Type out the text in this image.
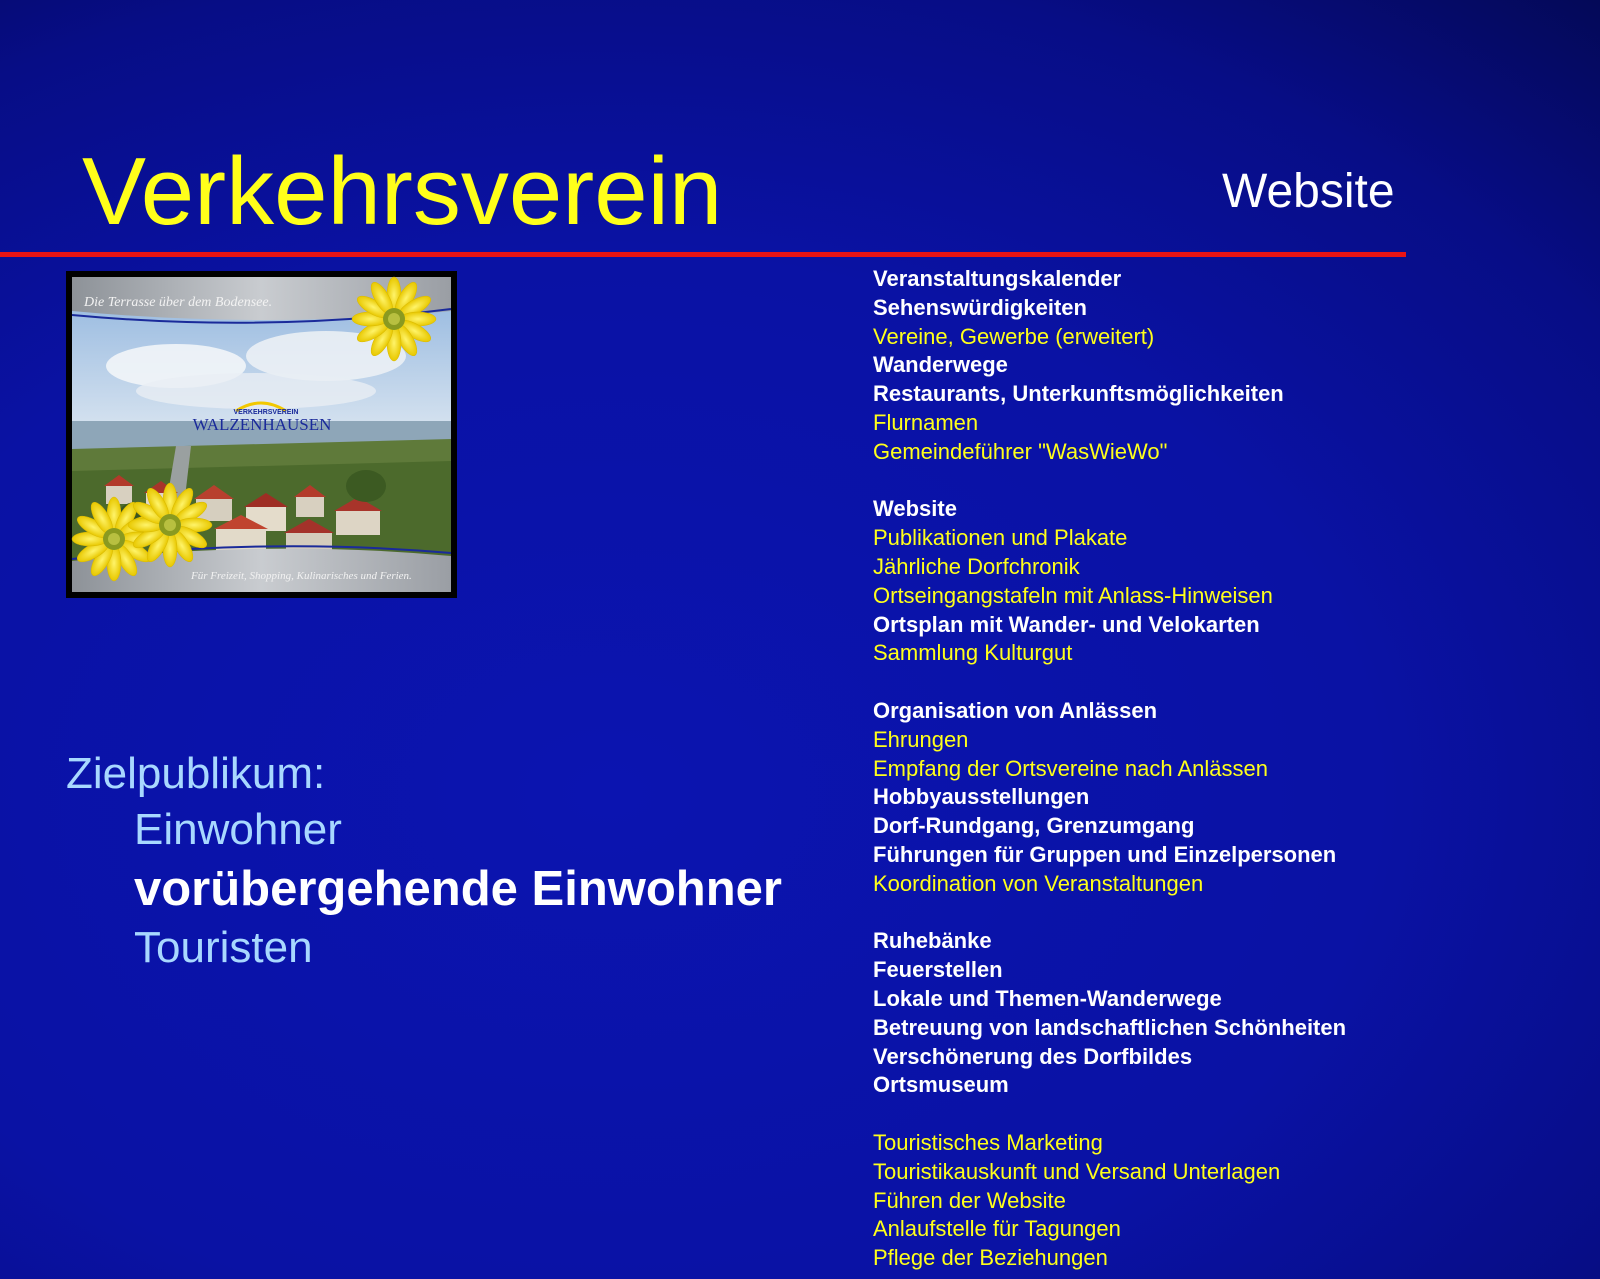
Verkehrsverein	Website
Die Terrasse über dem Bodensee.
Für Freizeit, Shopping, Kulinarisches und Ferien.
VERKEHRSVEREIN
WALZENHAUSEN
Zielpublikum:
Einwohner
vorübergehende Einwohner
Touristen
Veranstaltungskalender
Sehenswürdigkeiten
Vereine, Gewerbe (erweitert)
Wanderwege
Restaurants, Unterkunftsmöglichkeiten
Flurnamen
Gemeindeführer "WasWieWo"
Website
Publikationen und Plakate
Jährliche Dorfchronik
Ortseingangstafeln mit Anlass-Hinweisen
Ortsplan mit Wander- und Velokarten
Sammlung Kulturgut
Organisation von Anlässen
Ehrungen
Empfang der Ortsvereine nach Anlässen
Hobbyausstellungen
Dorf-Rundgang, Grenzumgang
Führungen für Gruppen und Einzelpersonen
Koordination von Veranstaltungen
Ruhebänke
Feuerstellen
Lokale und Themen-Wanderwege
Betreuung von landschaftlichen Schönheiten
Verschönerung des Dorfbildes
Ortsmuseum
Touristisches Marketing
Touristikauskunft und Versand Unterlagen
Führen der Website
Anlaufstelle für Tagungen
Pflege der Beziehungen
